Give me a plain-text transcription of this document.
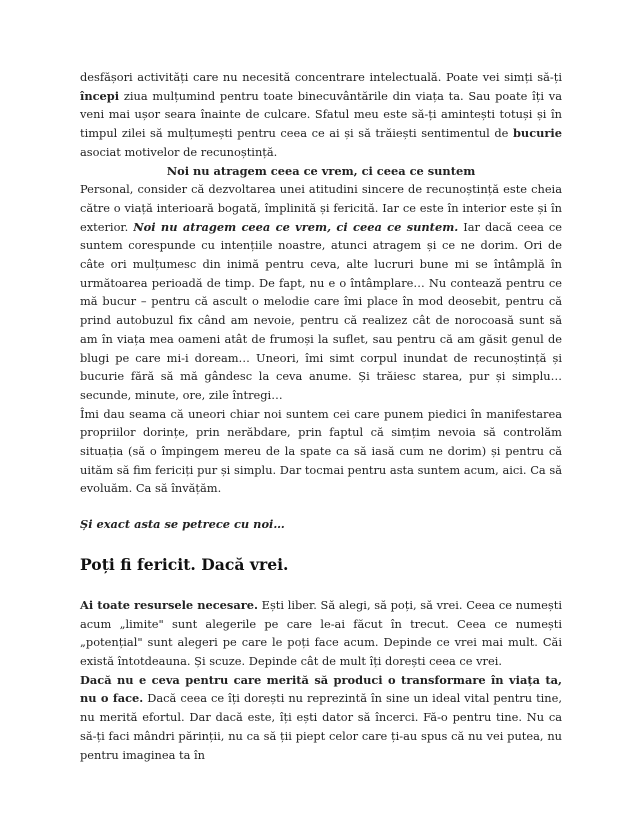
desfășori activități care nu necesită concentrare intelectuală. Poate vei simți să-ți începi ziua mulțumind pentru toate binecuvântările din viața ta. Sau poate îți va veni mai ușor seara înainte de culcare. Sfatul meu este să-ți amintești totuși și în timpul zilei să mulțumești pentru ceea ce ai și să trăiești sentimentul de bucurie asociat motivelor de recunoștință.

Noi nu atragem ceea ce vrem, ci ceea ce suntem

Personal, consider că dezvoltarea unei atitudini sincere de recunoștință este cheia către o viață interioară bogată, împlinită și fericită. Iar ce este în interior este și în exterior. Noi nu atragem ceea ce vrem, ci ceea ce suntem. Iar dacă ceea ce suntem corespunde cu intențiile noastre, atunci atragem și ce ne dorim. Ori de câte ori mulțumesc din inimă pentru ceva, alte lucruri bune mi se întâmplă în următoarea perioadă de timp. De fapt, nu e o întâmplare… Nu contează pentru ce mă bucur – pentru că ascult o melodie care îmi place în mod deosebit, pentru că prind autobuzul fix când am nevoie, pentru că realizez cât de norocoasă sunt să am în viața mea oameni atât de frumoși la suflet, sau pentru că am găsit genul de blugi pe care mi-i doream… Uneori, îmi simt corpul inundat de recunoștință și bucurie fără să mă gândesc la ceva anume. Și trăiesc starea, pur și simplu… secunde, minute, ore, zile întregi…

Îmi dau seama că uneori chiar noi suntem cei care punem piedici în manifestarea propriilor dorințe, prin nerăbdare, prin faptul că simțim nevoia să controlăm situația (să o împingem mereu de la spate ca să iasă cum ne dorim) și pentru că uităm să fim fericiți pur și simplu. Dar tocmai pentru asta suntem acum, aici. Ca să evoluăm. Ca să învățăm.

Și exact asta se petrece cu noi…

Poți fi fericit. Dacă vrei.

Ai toate resursele necesare. Ești liber. Să alegi, să poți, să vrei. Ceea ce numești acum „limite" sunt alegerile pe care le-ai făcut în trecut. Ceea ce numești „potențial" sunt alegeri pe care le poți face acum. Depinde ce vrei mai mult. Căi există întotdeauna. Și scuze. Depinde cât de mult îți dorești ceea ce vrei.

Dacă nu e ceva pentru care merită să produci o transformare în viața ta, nu o face. Dacă ceea ce îți dorești nu reprezintă în sine un ideal vital pentru tine, nu merită efortul. Dar dacă este, îți ești dator să încerci. Fă-o pentru tine. Nu ca să-ți faci mândri părinții, nu ca să ții piept celor care ți-au spus că nu vei putea, nu pentru imaginea ta în
